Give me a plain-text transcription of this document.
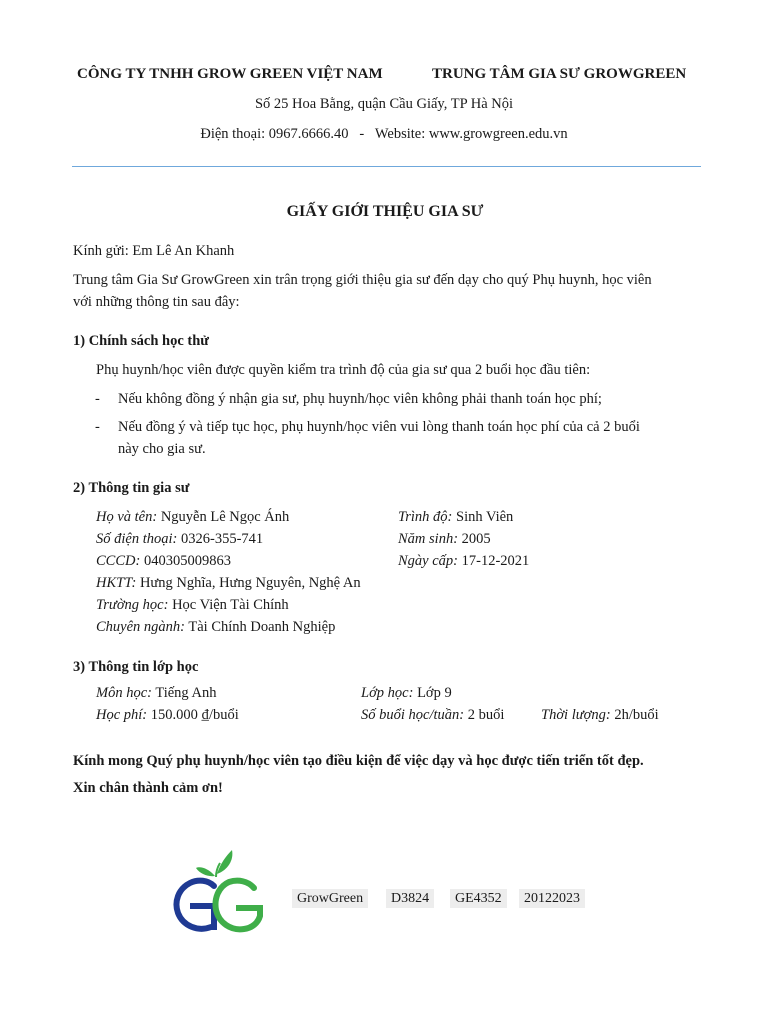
CÔNG TY TNHH GROW GREEN VIỆT NAM	TRUNG TÂM GIA SƯ GROWGREEN
Số 25 Hoa Bằng, quận Cầu Giấy, TP Hà Nội
Điện thoại: 0967.6666.40   -   Website: www.growgreen.edu.vn
GIẤY GIỚI THIỆU GIA SƯ
Kính gửi: Em Lê An Khanh
Trung tâm Gia Sư GrowGreen xin trân trọng giới thiệu gia sư đến dạy cho quý Phụ huynh, học viên
với những thông tin sau đây:
1) Chính sách học thử
Phụ huynh/học viên được quyền kiểm tra trình độ của gia sư qua 2 buổi học đầu tiên:
- Nếu không đồng ý nhận gia sư, phụ huynh/học viên không phải thanh toán học phí;
- Nếu đồng ý và tiếp tục học, phụ huynh/học viên vui lòng thanh toán học phí của cả 2 buổi
này cho gia sư.
2) Thông tin gia sư
Họ và tên: Nguyễn Lê Ngọc Ánh	Trình độ: Sinh Viên
Số điện thoại: 0326-355-741	Năm sinh: 2005
CCCD: 040305009863	Ngày cấp: 17-12-2021
HKTT: Hưng Nghĩa, Hưng Nguyên, Nghệ An
Trường học: Học Viện Tài Chính
Chuyên ngành: Tài Chính Doanh Nghiệp
3) Thông tin lớp học
Môn học: Tiếng Anh	Lớp học: Lớp 9
Học phí: 150.000 ₫/buổi	Số buổi học/tuần: 2 buổi	Thời lượng: 2h/buổi
Kính mong Quý phụ huynh/học viên tạo điều kiện để việc dạy và học được tiến triển tốt đẹp.
Xin chân thành cảm ơn!
GrowGreen	D3824	GE4352	20122023
